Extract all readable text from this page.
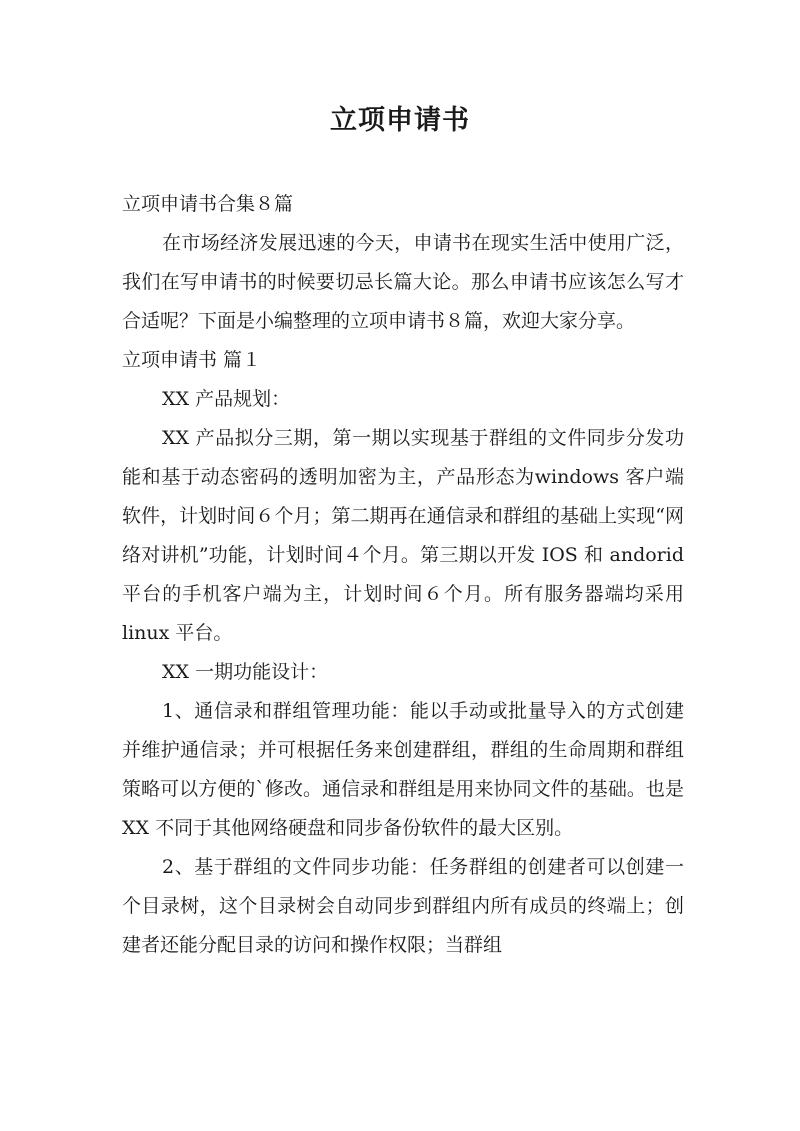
立项申请书

立项申请书合集８篇

在市场经济发展迅速的今天，申请书在现实生活中使用广泛，我们在写申请书的时候要切忌长篇大论。那么申请书应该怎么写才合适呢？下面是小编整理的立项申请书８篇，欢迎大家分享。

立项申请书 篇１

XX 产品规划：

XX 产品拟分三期，第一期以实现基于群组的文件同步分发功能和基于动态密码的透明加密为主，产品形态为windows 客户端软件，计划时间６个月；第二期再在通信录和群组的基础上实现“网络对讲机”功能，计划时间４个月。第三期以开发 IOS 和 andorid 平台的手机客户端为主，计划时间６个月。所有服务器端均采用 linux 平台。

XX 一期功能设计：

1、通信录和群组管理功能：能以手动或批量导入的方式创建并维护通信录；并可根据任务来创建群组，群组的生命周期和群组策略可以方便的`修改。通信录和群组是用来协同文件的基础。也是 XX 不同于其他网络硬盘和同步备份软件的最大区别。

2、基于群组的文件同步功能：任务群组的创建者可以创建一个目录树，这个目录树会自动同步到群组内所有成员的终端上；创建者还能分配目录的访问和操作权限；当群组
